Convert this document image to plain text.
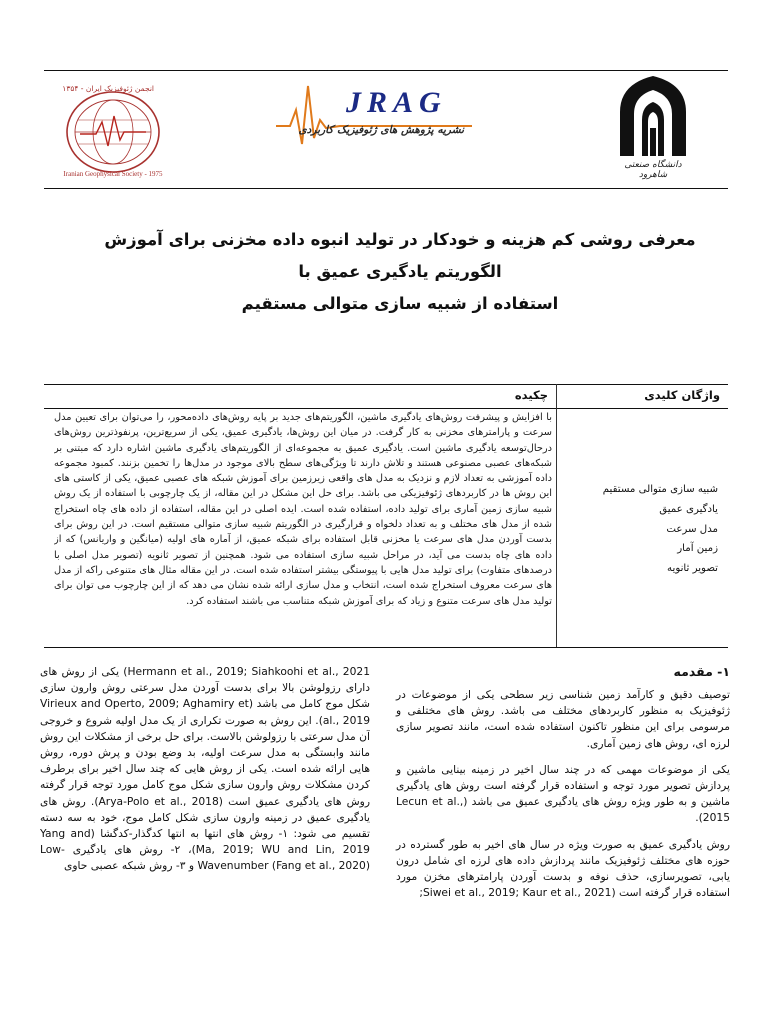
انجمن ژئوفیزیک ایران - ۱۳۵۴
Iranian Geophysical Society - 1975
JRAG
نشریه پژوهش های ژئوفیزیک کاربردی
دانشگاه صنعتی شاهرود
معرفی روشی کم هزینه و خودکار در تولید انبوه داده مخزنی برای آموزش الگوریتم یادگیری عمیق با
استفاده از شبیه سازی متوالی مستقیم
چکیده	واژگان کلیدی
با افزایش و پیشرفت روش‌های یادگیری ماشین، الگوریتم‌های جدید بر پایه روش‌های داده‌محور، را می‌توان برای تعیین مدل سرعت و پارامترهای مخزنی به کار گرفت. در میان این روش‌ها، یادگیری عمیق، یکی از سریع‌ترین، پرنفوذترین روش‌های درحال‌توسعه یادگیری ماشین است. یادگیری عمیق به مجموعه‌ای از الگوریتم‌های یادگیری ماشین اشاره دارد که مبتنی بر شبکه‌های عصبی مصنوعی هستند و تلاش دارند تا ویژگی‌های سطح بالای موجود در مدل‌ها را تخمین بزنند. کمبود مجموعه داده آموزشی به تعداد لازم و نزدیک به مدل های واقعی زیرزمین برای آموزش شبکه های عصبی عمیق، یکی از کاستی های این روش ها در کاربردهای ژئوفیزیکی می باشد. برای حل این مشکل در این مقاله، از یک چارچوبی با استفاده از یک روش شبیه سازی زمین آماری برای تولید داده، استفاده شده است. ایده اصلی در این مقاله، استفاده از داده های چاه استخراج شده از مدل های مختلف و به تعداد دلخواه و قرارگیری در الگوریتم شبیه سازی متوالی مستقیم است. در این روش برای بدست آوردن مدل های سرعت یا مخزنی قابل استفاده برای شبکه عمیق، از آماره های اولیه (میانگین و واریانس) که از داده های چاه بدست می آید، در مراحل شبیه سازی استفاده می شود. همچنین از تصویر ثانویه (تصویر مدل اصلی با درصدهای متفاوت) برای تولید مدل هایی با پیوستگی بیشتر استفاده شده است. در این مقاله مثال های متنوعی راکه از مدل های سرعت معروف استخراج شده است، انتخاب و مدل سازی ارائه شده نشان می دهد که از این چارچوب می توان برای تولید مدل های سرعت متنوع و زیاد که برای آموزش شبکه متناسب می باشند استفاده کرد.
شبیه سازی متوالی مستقیم
یادگیری عمیق
مدل سرعت
زمین آمار
تصویر ثانویه
Hermann et al., 2019; Siahkoohi et al., 2021) یکی از روش های دارای رزولوشن بالا برای بدست آوردن مدل سرعتی روش وارون سازی شکل موج کامل می باشد (Virieux and Operto, 2009; Aghamiry et al., 2019). این روش به صورت تکراری از یک مدل اولیه شروع و خروجی آن مدل سرعتی با رزولوشن بالاست. برای حل برخی از مشکلات این روش مانند وابستگی به مدل سرعت اولیه، بد وضع بودن و پرش دوره، روش هایی ارائه شده است. یکی از روش هایی که چند سال اخیر برای برطرف کردن مشکلات روش وارون سازی شکل موج کامل مورد توجه قرار گرفته روش های یادگیری عمیق است (Arya-Polo et al., 2018). روش های یادگیری عمیق در زمینه وارون سازی شکل کامل موج، خود به سه دسته تقسیم می شود: ۱- روش های انتها به انتها کدگذار-کدگشا (Yang and Ma, 2019; WU and Lin, 2019)، ۲- روش های یادگیری Low-Wavenumber (Fang et al., 2020) و ۳- روش شبکه عصبی حاوی
۱- مقدمه

توصیف دقیق و کارآمد زمین شناسی زیر سطحی یکی از موضوعات در ژئوفیزیک به منظور کاربردهای مختلف می باشد. روش های مختلفی و مرسومی برای این منظور تاکنون استفاده شده است، مانند تصویر سازی لرزه ای، روش های زمین آماری.

یکی از موضوعات مهمی که در چند سال اخیر در زمینه بینایی ماشین و پردازش تصویر مورد توجه و استفاده قرار گرفته است روش های یادگیری ماشین و به طور ویژه روش های یادگیری عمیق می باشد (Lecun et al., 2015).

روش یادگیری عمیق به صورت ویژه در سال های اخیر به طور گسترده در حوزه های مختلف ژئوفیزیک مانند پردازش داده های لرزه ای شامل درون یابی، تصویرسازی، حذف نوفه و بدست آوردن پارامترهای مخزن مورد استفاده قرار گرفته است (Siwei et al., 2019; Kaur et al., 2021;
